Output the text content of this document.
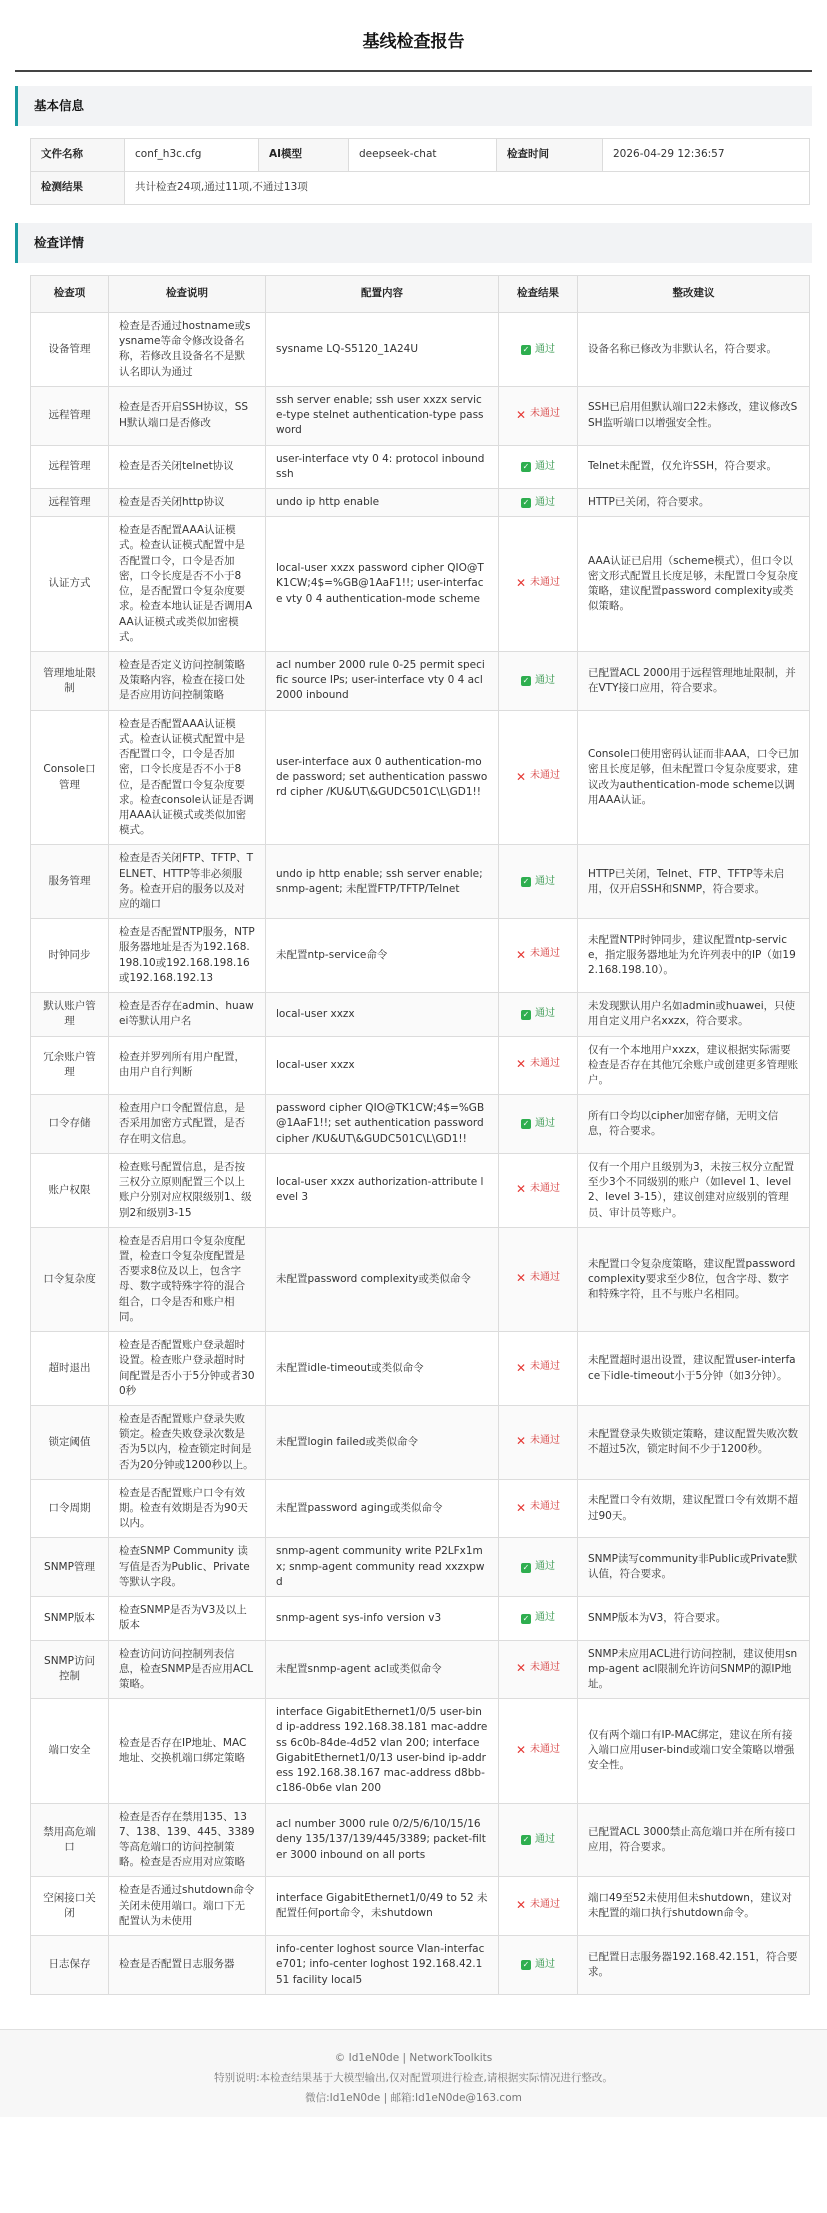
基线检查报告
基本信息
文件名称	conf_h3c.cfg	AI模型	deepseek-chat	检查时间	2026-04-29 12:36:57
检测结果	共计检查24项,通过11项,不通过13项				
检查详情
检查项	检查说明	配置内容	检查结果	整改建议
设备管理	检查是否通过hostname或sysname等命令修改设备名称，若修改且设备名不是默认名即认为通过	sysname LQ-S5120_1A24U	✓ 通过	设备名称已修改为非默认名，符合要求。
远程管理	检查是否开启SSH协议，SSH默认端口是否修改	ssh server enable; ssh user xxzx service-type stelnet authentication-type password	✕ 未通过	SSH已启用但默认端口22未修改，建议修改SSH监听端口以增强安全性。
远程管理	检查是否关闭telnet协议	user-interface vty 0 4: protocol inbound ssh	✓ 通过	Telnet未配置，仅允许SSH，符合要求。
远程管理	检查是否关闭http协议	undo ip http enable	✓ 通过	HTTP已关闭，符合要求。
认证方式	检查是否配置AAA认证模式。检查认证模式配置中是否配置口令，口令是否加密，口令长度是否不小于8位，是否配置口令复杂度要求。检查本地认证是否调用AAA认证模式或类似加密模式。	local-user xxzx password cipher QIO@TK1CW;4$=%GB@1AaF1!!; user-interface vty 0 4 authentication-mode scheme	✕ 未通过	AAA认证已启用（scheme模式），但口令以密文形式配置且长度足够，未配置口令复杂度策略，建议配置password complexity或类似策略。
管理地址限制	检查是否定义访问控制策略及策略内容，检查在接口处是否应用访问控制策略	acl number 2000 rule 0-25 permit specific source IPs; user-interface vty 0 4 acl 2000 inbound	✓ 通过	已配置ACL 2000用于远程管理地址限制，并在VTY接口应用，符合要求。
Console口管理	检查是否配置AAA认证模式。检查认证模式配置中是否配置口令，口令是否加密，口令长度是否不小于8位，是否配置口令复杂度要求。检查console认证是否调用AAA认证模式或类似加密模式。	user-interface aux 0 authentication-mode password; set authentication password cipher /KU&UT\&GUDC501C\L\GD1!!	✕ 未通过	Console口使用密码认证而非AAA，口令已加密且长度足够，但未配置口令复杂度要求，建议改为authentication-mode scheme以调用AAA认证。
服务管理	检查是否关闭FTP、TFTP、TELNET、HTTP等非必须服务。检查开启的服务以及对应的端口	undo ip http enable; ssh server enable; snmp-agent; 未配置FTP/TFTP/Telnet	✓ 通过	HTTP已关闭，Telnet、FTP、TFTP等未启用，仅开启SSH和SNMP，符合要求。
时钟同步	检查是否配置NTP服务，NTP服务器地址是否为192.168.198.10或192.168.198.16或192.168.192.13	未配置ntp-service命令	✕ 未通过	未配置NTP时钟同步，建议配置ntp-service，指定服务器地址为允许列表中的IP（如192.168.198.10）。
默认账户管理	检查是否存在admin、huawei等默认用户名	local-user xxzx	✓ 通过	未发现默认用户名如admin或huawei，只使用自定义用户名xxzx，符合要求。
冗余账户管理	检查并罗列所有用户配置，由用户自行判断	local-user xxzx	✕ 未通过	仅有一个本地用户xxzx，建议根据实际需要检查是否存在其他冗余账户或创建更多管理账户。
口令存储	检查用户口令配置信息，是否采用加密方式配置，是否存在明文信息。	password cipher QIO@TK1CW;4$=%GB@1AaF1!!; set authentication password cipher /KU&UT\&GUDC501C\L\GD1!!	✓ 通过	所有口令均以cipher加密存储，无明文信息，符合要求。
账户权限	检查账号配置信息，是否按三权分立原则配置三个以上账户分别对应权限级别1、级别2和级别3-15	local-user xxzx authorization-attribute level 3	✕ 未通过	仅有一个用户且级别为3，未按三权分立配置至少3个不同级别的账户（如level 1、level 2、level 3-15），建议创建对应级别的管理员、审计员等账户。
口令复杂度	检查是否启用口令复杂度配置，检查口令复杂度配置是否要求8位及以上，包含字母、数字或特殊字符的混合组合，口令是否和账户相同。	未配置password complexity或类似命令	✕ 未通过	未配置口令复杂度策略，建议配置password complexity要求至少8位，包含字母、数字和特殊字符，且不与账户名相同。
超时退出	检查是否配置账户登录超时设置。检查账户登录超时时间配置是否小于5分钟或者300秒	未配置idle-timeout或类似命令	✕ 未通过	未配置超时退出设置，建议配置user-interface下idle-timeout小于5分钟（如3分钟）。
锁定阈值	检查是否配置账户登录失败锁定。检查失败登录次数是否为5以内，检查锁定时间是否为20分钟或1200秒以上。	未配置login failed或类似命令	✕ 未通过	未配置登录失败锁定策略，建议配置失败次数不超过5次，锁定时间不少于1200秒。
口令周期	检查是否配置账户口令有效期。检查有效期是否为90天以内。	未配置password aging或类似命令	✕ 未通过	未配置口令有效期，建议配置口令有效期不超过90天。
SNMP管理	检查SNMP Community 读写值是否为Public、Private等默认字段。	snmp-agent community write P2LFx1mx; snmp-agent community read xxzxpwd	✓ 通过	SNMP读写community非Public或Private默认值，符合要求。
SNMP版本	检查SNMP是否为V3及以上版本	snmp-agent sys-info version v3	✓ 通过	SNMP版本为V3，符合要求。
SNMP访问控制	检查访问访问控制列表信息，检查SNMP是否应用ACL策略。	未配置snmp-agent acl或类似命令	✕ 未通过	SNMP未应用ACL进行访问控制，建议使用snmp-agent acl限制允许访问SNMP的源IP地址。
端口安全	检查是否存在IP地址、MAC地址、交换机端口绑定策略	interface GigabitEthernet1/0/5 user-bind ip-address 192.168.38.181 mac-address 6c0b-84de-4d52 vlan 200; interface GigabitEthernet1/0/13 user-bind ip-address 192.168.38.167 mac-address d8bb-c186-0b6e vlan 200	✕ 未通过	仅有两个端口有IP-MAC绑定，建议在所有接入端口应用user-bind或端口安全策略以增强安全性。
禁用高危端口	检查是否存在禁用135、137、138、139、445、3389等高危端口的访问控制策略。检查是否应用对应策略	acl number 3000 rule 0/2/5/6/10/15/16 deny 135/137/139/445/3389; packet-filter 3000 inbound on all ports	✓ 通过	已配置ACL 3000禁止高危端口并在所有接口应用，符合要求。
空闲接口关闭	检查是否通过shutdown命令关闭未使用端口。端口下无配置认为未使用	interface GigabitEthernet1/0/49 to 52 未配置任何port命令，未shutdown	✕ 未通过	端口49至52未使用但未shutdown，建议对未配置的端口执行shutdown命令。
日志保存	检查是否配置日志服务器	info-center loghost source Vlan-interface701; info-center loghost 192.168.42.151 facility local5	✓ 通过	已配置日志服务器192.168.42.151，符合要求。
© Id1eN0de | NetworkToolkits
特别说明:本检查结果基于大模型输出,仅对配置项进行检查,请根据实际情况进行整改。
微信:Id1eN0de | 邮箱:Id1eN0de@163.com
